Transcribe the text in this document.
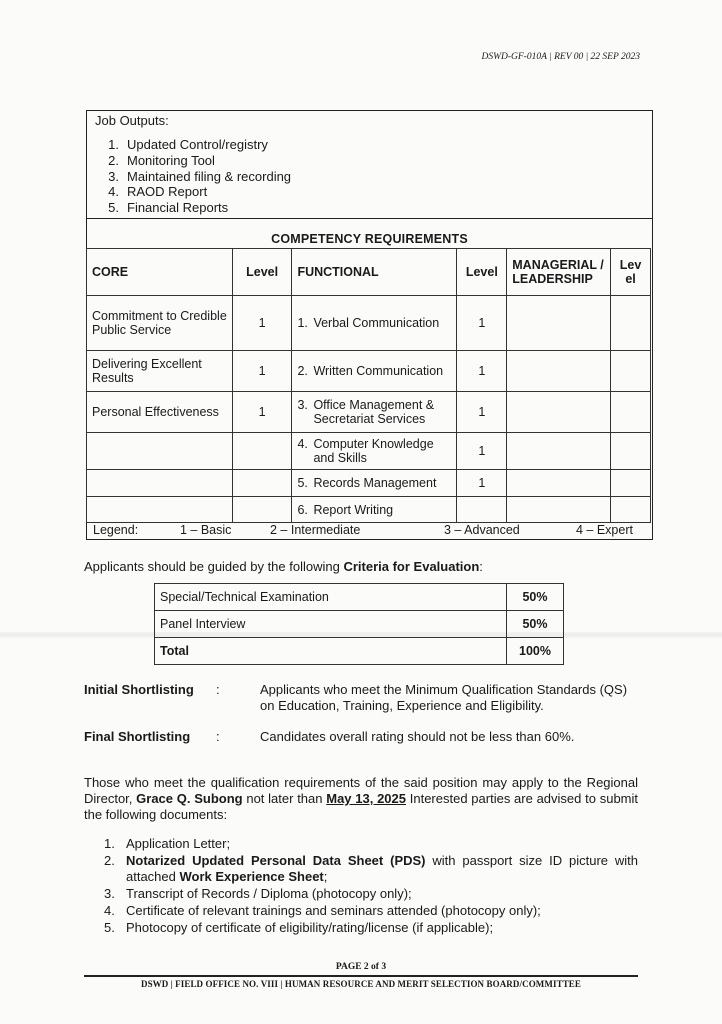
DSWD-GF-010A | REV 00 | 22 SEP 2023
Job Outputs:
1. Updated Control/registry
2. Monitoring Tool
3. Maintained filing & recording
4. RAOD Report
5. Financial Reports
COMPETENCY REQUIREMENTS
CORE	Level	FUNCTIONAL	Level	MANAGERIAL / LEADERSHIP	Lev el
Commitment to Credible Public Service	1	1. Verbal Communication	1		
Delivering Excellent Results	1	2. Written Communication	1		
Personal Effectiveness	1	3. Office Management & Secretariat Services	1		

		4. Computer Knowledge and Skills	1		

		5. Records Management	1		

		6. Report Writing			

Legend:	1 – Basic	2 – Intermediate	3 – Advanced	4 – Expert
Applicants should be guided by the following Criteria for Evaluation:
Special/Technical Examination	50%
Panel Interview	50%
Total	100%
Initial Shortlisting :	Applicants who meet the Minimum Qualification Standards (QS) on Education, Training, Experience and Eligibility.
Final Shortlisting :	Candidates overall rating should not be less than 60%.
Those who meet the qualification requirements of the said position may apply to the Regional Director, Grace Q. Subong not later than May 13, 2025 Interested parties are advised to submit the following documents:
1. Application Letter;
2. Notarized Updated Personal Data Sheet (PDS) with passport size ID picture with attached Work Experience Sheet;
3. Transcript of Records / Diploma (photocopy only);
4. Certificate of relevant trainings and seminars attended (photocopy only);
5. Photocopy of certificate of eligibility/rating/license (if applicable);
PAGE 2 of 3
DSWD | FIELD OFFICE NO. VIII | HUMAN RESOURCE AND MERIT SELECTION BOARD/COMMITTEE
